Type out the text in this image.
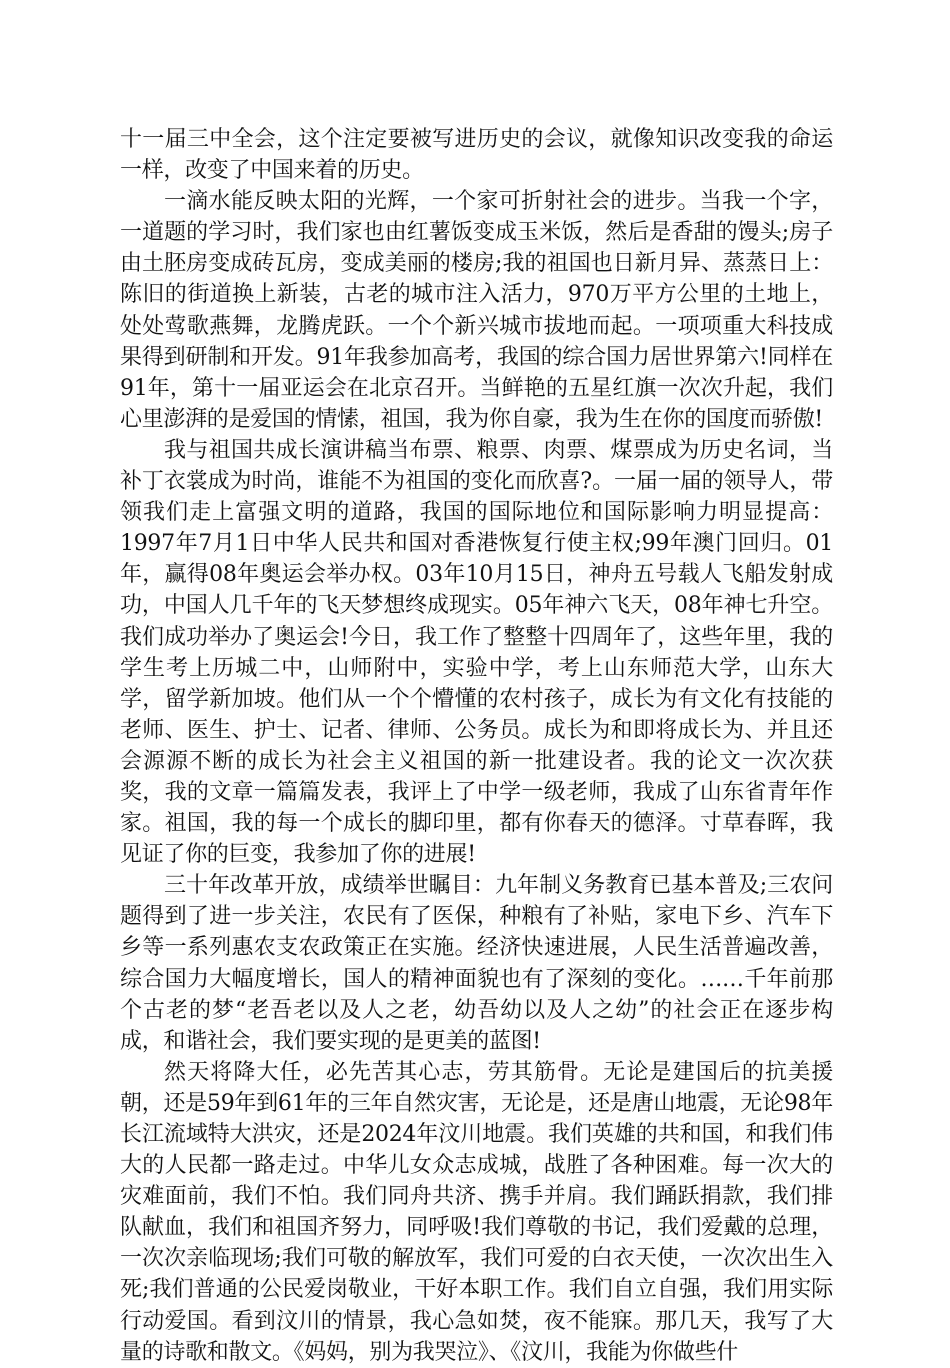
十一届三中全会，这个注定要被写进历史的会议，就像知识改变我的命运一样，改变了中国来着的历史。

一滴水能反映太阳的光辉，一个家可折射社会的进步。当我一个字，一道题的学习时，我们家也由红薯饭变成玉米饭，然后是香甜的馒头;房子由土胚房变成砖瓦房，变成美丽的楼房;我的祖国也日新月异、蒸蒸日上：陈旧的街道换上新装，古老的城市注入活力，970万平方公里的土地上，处处莺歌燕舞，龙腾虎跃。一个个新兴城市拔地而起。一项项重大科技成果得到研制和开发。91年我参加高考，我国的综合国力居世界第六!同样在91年，第十一届亚运会在北京召开。当鲜艳的五星红旗一次次升起，我们心里澎湃的是爱国的情愫，祖国，我为你自豪，我为生在你的国度而骄傲!

我与祖国共成长演讲稿当布票、粮票、肉票、煤票成为历史名词，当补丁衣裳成为时尚，谁能不为祖国的变化而欣喜?。一届一届的领导人，带领我们走上富强文明的道路，我国的国际地位和国际影响力明显提高：1997年7月1日中华人民共和国对香港恢复行使主权;99年澳门回归。01年，赢得08年奥运会举办权。03年10月15日，神舟五号载人飞船发射成功，中国人几千年的飞天梦想终成现实。05年神六飞天，08年神七升空。我们成功举办了奥运会!今日，我工作了整整十四周年了，这些年里，我的学生考上历城二中，山师附中，实验中学，考上山东师范大学，山东大学，留学新加坡。他们从一个个懵懂的农村孩子，成长为有文化有技能的老师、医生、护士、记者、律师、公务员。成长为和即将成长为、并且还会源源不断的成长为社会主义祖国的新一批建设者。我的论文一次次获奖，我的文章一篇篇发表，我评上了中学一级老师，我成了山东省青年作家。祖国，我的每一个成长的脚印里，都有你春天的德泽。寸草春晖，我见证了你的巨变，我参加了你的进展!

三十年改革开放，成绩举世瞩目：九年制义务教育已基本普及;三农问题得到了进一步关注，农民有了医保，种粮有了补贴，家电下乡、汽车下乡等一系列惠农支农政策正在实施。经济快速进展，人民生活普遍改善，综合国力大幅度增长，国人的精神面貌也有了深刻的变化。……千年前那个古老的梦“老吾老以及人之老，幼吾幼以及人之幼”的社会正在逐步构成，和谐社会，我们要实现的是更美的蓝图!

然天将降大任，必先苦其心志，劳其筋骨。无论是建国后的抗美援朝，还是59年到61年的三年自然灾害，无论是，还是唐山地震，无论98年长江流域特大洪灾，还是2024年汶川地震。我们英雄的共和国，和我们伟大的人民都一路走过。中华儿女众志成城，战胜了各种困难。每一次大的灾难面前，我们不怕。我们同舟共济、携手并肩。我们踊跃捐款，我们排队献血，我们和祖国齐努力，同呼吸!我们尊敬的书记，我们爱戴的总理，一次次亲临现场;我们可敬的解放军，我们可爱的白衣天使，一次次出生入死;我们普通的公民爱岗敬业，干好本职工作。我们自立自强，我们用实际行动爱国。看到汶川的情景，我心急如焚，夜不能寐。那几天，我写了大量的诗歌和散文。《妈妈，别为我哭泣》、《汶川，我能为你做些什
